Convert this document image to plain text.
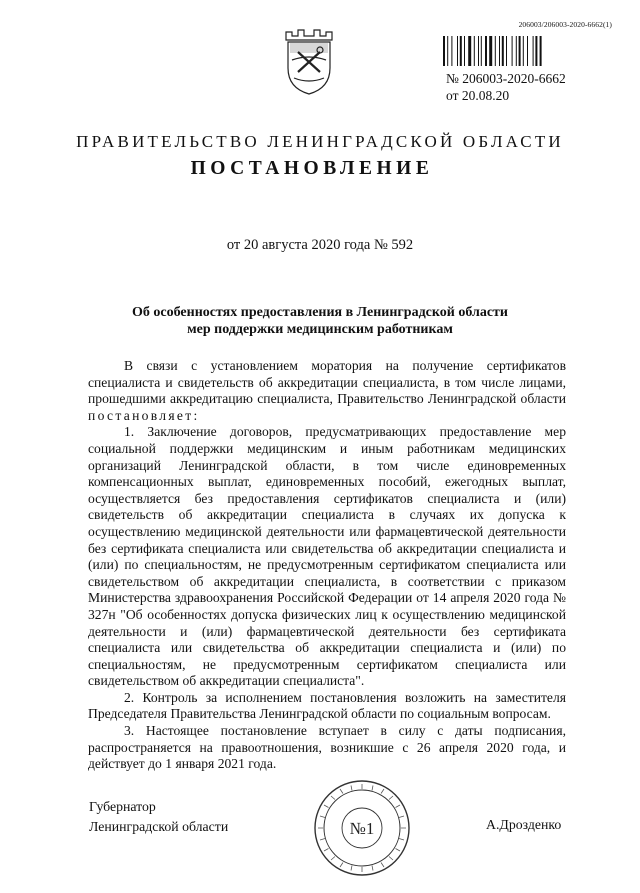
206003/206003-2020-6662(1)
№ 206003-2020-6662
от 20.08.20
ПРАВИТЕЛЬСТВО ЛЕНИНГРАДСКОЙ ОБЛАСТИ
ПОСТАНОВЛЕНИЕ
от 20 августа 2020 года № 592
Об особенностях предоставления в Ленинградской области
мер поддержки медицинским работникам

В связи с установлением моратория на получение сертификатов специалиста и свидетельств об аккредитации специалиста, в том числе лицами, прошедшими аккредитацию специалиста, Правительство Ленинградской области постановляет:

1. Заключение договоров, предусматривающих предоставление мер социальной поддержки медицинским и иным работникам медицинских организаций Ленинградской области, в том числе единовременных компенсационных выплат, единовременных пособий, ежегодных выплат, осуществляется без предоставления сертификатов специалиста и (или) свидетельств об аккредитации специалиста в случаях их допуска к осуществлению медицинской деятельности или фармацевтической деятельности без сертификата специалиста или свидетельства об аккредитации специалиста и (или) по специальностям, не предусмотренным сертификатом специалиста или свидетельством об аккредитации специалиста, в соответствии с приказом Министерства здравоохранения Российской Федерации от 14 апреля 2020 года № 327н "Об особенностях допуска физических лиц к осуществлению медицинской деятельности и (или) фармацевтической деятельности без сертификата специалиста или свидетельства об аккредитации специалиста и (или) по специальностям, не предусмотренным сертификатом специалиста или свидетельством об аккредитации специалиста".

2. Контроль за исполнением постановления возложить на заместителя Председателя Правительства Ленинградской области по социальным вопросам.

3. Настоящее постановление вступает в силу с даты подписания, распространяется на правоотношения, возникшие с 26 апреля 2020 года, и действует до 1 января 2021 года.

Губернатор
Ленинградской области	№1	А.Дрозденко
